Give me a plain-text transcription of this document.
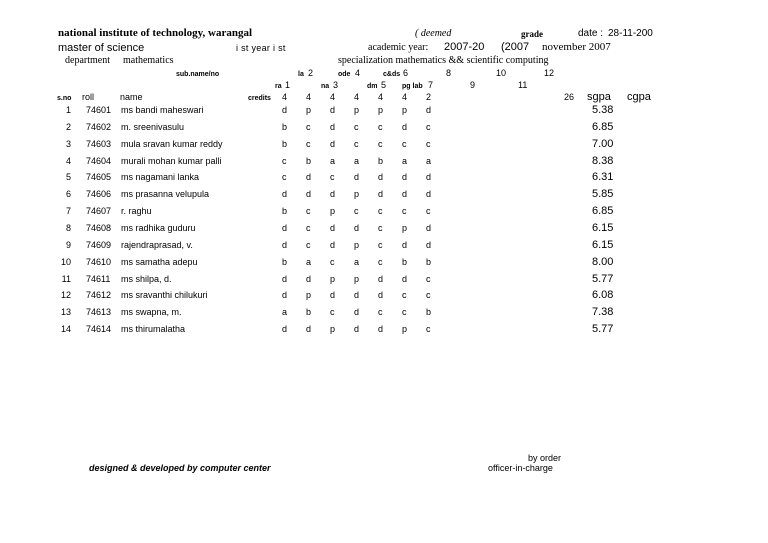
national institute of technology, warangal	( deemed	grade	date : 28-11-200
master of science	i st year i st	academic year: 2007-20 (2007 november 2007
department mathematics	specialization mathematics && scientific computing
sub.name/no
ra 1
la 2
na 3
ode 4
dm 5
c&ds 6
pg lab 7
8
9
10
11
12
s.no roll	name	credits 4 4 4 4 4 4 2	26 sgpa cgpa
1 74601 ms bandi maheswari	d p d p p p d	5.38
2 74602 m. sreenivasulu	b c d c c d c	6.85
3 74603 mula sravan kumar reddy	b c d c c c c	7.00
4 74604 murali mohan kumar palli	c b a a b a a	8.38
5 74605 ms nagamani lanka	c d c d d d d	6.31
6 74606 ms prasanna velupula	d d d p d d d	5.85
7 74607 r. raghu	b c p c c c c	6.85
8 74608 ms radhika guduru	d c d d c p d	6.15
9 74609 rajendraprasad, v.	d c d p c d d	6.15
10 74610 ms samatha adepu	b a c a c b b	8.00
11 74611 ms shilpa, d.	d d p p d d c	5.77
12 74612 ms sravanthi chilukuri	d p d d d c c	6.08
13 74613 ms swapna, m.	a b c d c c b	7.38
14 74614 ms thirumalatha	d d p d d p c	5.77
designed & developed by computer center
by order
officer-in-charge
